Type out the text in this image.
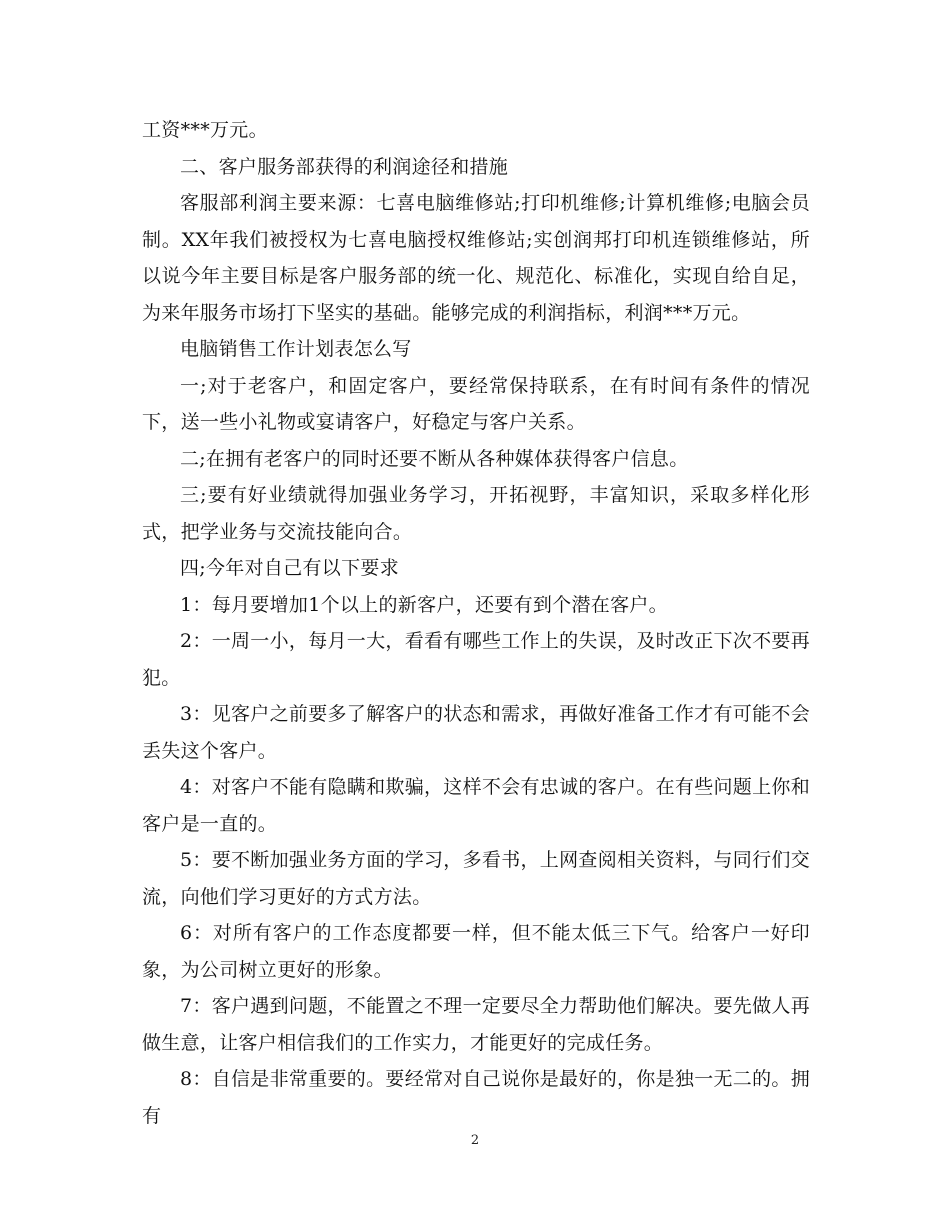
工资***万元。

二、客户服务部获得的利润途径和措施

客服部利润主要来源：七喜电脑维修站;打印机维修;计算机维修;电脑会员制。XX年我们被授权为七喜电脑授权维修站;实创润邦打印机连锁维修站，所以说今年主要目标是客户服务部的统一化、规范化、标准化，实现自给自足，为来年服务市场打下坚实的基础。能够完成的利润指标，利润***万元。

电脑销售工作计划表怎么写

一;对于老客户，和固定客户，要经常保持联系，在有时间有条件的情况下，送一些小礼物或宴请客户，好稳定与客户关系。

二;在拥有老客户的同时还要不断从各种媒体获得客户信息。

三;要有好业绩就得加强业务学习，开拓视野，丰富知识，采取多样化形式，把学业务与交流技能向合。

四;今年对自己有以下要求

1：每月要增加1个以上的新客户，还要有到个潜在客户。

2：一周一小，每月一大，看看有哪些工作上的失误，及时改正下次不要再犯。

3：见客户之前要多了解客户的状态和需求，再做好准备工作才有可能不会丢失这个客户。

4：对客户不能有隐瞒和欺骗，这样不会有忠诚的客户。在有些问题上你和客户是一直的。

5：要不断加强业务方面的学习，多看书，上网查阅相关资料，与同行们交流，向他们学习更好的方式方法。

6：对所有客户的工作态度都要一样，但不能太低三下气。给客户一好印象，为公司树立更好的形象。

7：客户遇到问题，不能置之不理一定要尽全力帮助他们解决。要先做人再做生意，让客户相信我们的工作实力，才能更好的完成任务。

8：自信是非常重要的。要经常对自己说你是最好的，你是独一无二的。拥有

2
